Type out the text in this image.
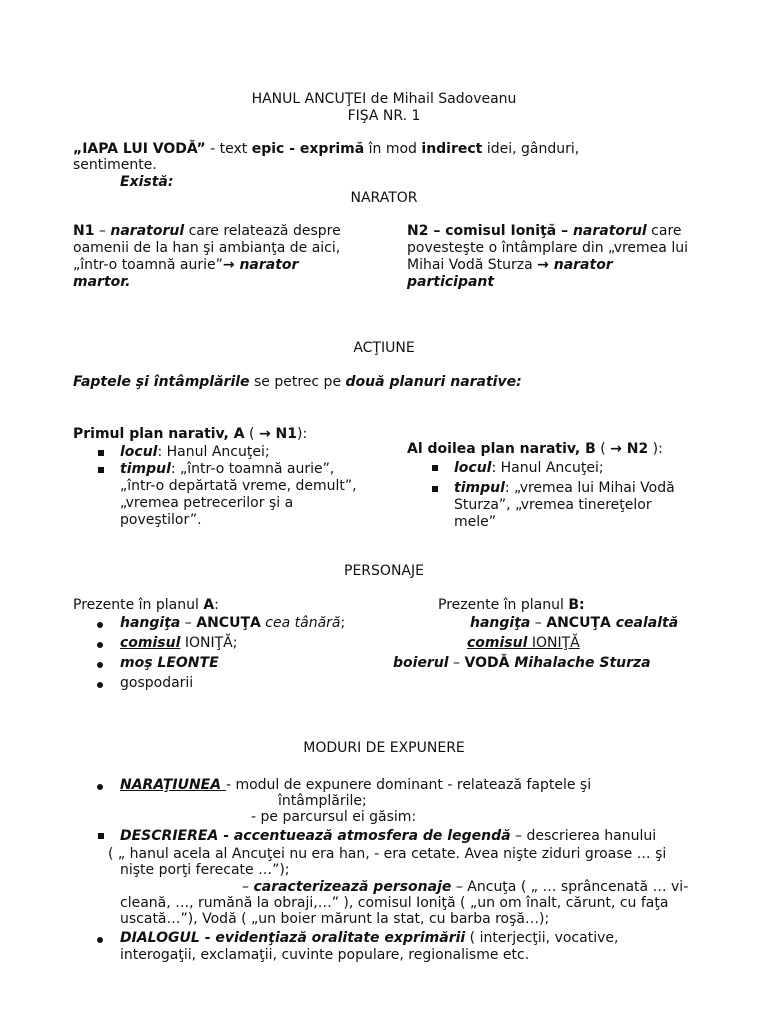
HANUL ANCUŢEI de Mihail Sadoveanu
FIŞA NR. 1
„IAPA LUI VODĂ” - text epic - exprimă în mod indirect idei, gânduri,
sentimente.
Există:
NARATOR
N1 – naratorul care relatează despre
oamenii de la han şi ambianţa de aici,
„într-o toamnă aurie”→ narator
martor.
N2 – comisul Ioniţă – naratorul care
povesteşte o întâmplare din „vremea lui
Mihai Vodă Sturza → narator
participant
ACŢIUNE
Faptele şi întâmplările se petrec pe două planuri narative:
Primul plan narativ, A ( → N1):
locul: Hanul Ancuţei;
timpul: „într-o toamnă aurie”,
„într-o depărtată vreme, demult”,
„vremea petrecerilor şi a
poveştilor”.
Al doilea plan narativ, B ( → N2 ):
locul: Hanul Ancuţei;
timpul: „vremea lui Mihai Vodă
Sturza”, „vremea tinereţelor
mele”
PERSONAJE
Prezente în planul A:	Prezente în planul B:
hangiţa – ANCUŢA cea tânără;
comisul IONIŢĂ;
moş LEONTE
gospodarii
hangiţa – ANCUŢA cealaltă
comisul IONIŢĂ
boierul – VODĂ Mihalache Sturza
MODURI DE EXPUNERE
NARAŢIUNEA - modul de expunere dominant - relatează faptele şi
întâmplările;
- pe parcursul ei găsim:
DESCRIEREA - accentuează atmosfera de legendă – descrierea hanului
( „ hanul acela al Ancuţei nu era han, - era cetate. Avea nişte ziduri groase … şi
nişte porţi ferecate …”);
– caracterizează personaje – Ancuţa ( „ … sprâncenată … vi-
cleană, …, rumănă la obraji,…” ), comisul Ioniţă ( „un om înalt, cărunt, cu faţa
uscată…”), Vodă ( „un boier mărunt la stat, cu barba roşă…);
DIALOGUL - evidenţiază oralitate exprimării ( interjecţii, vocative,
interogaţii, exclamaţii, cuvinte populare, regionalisme etc.
